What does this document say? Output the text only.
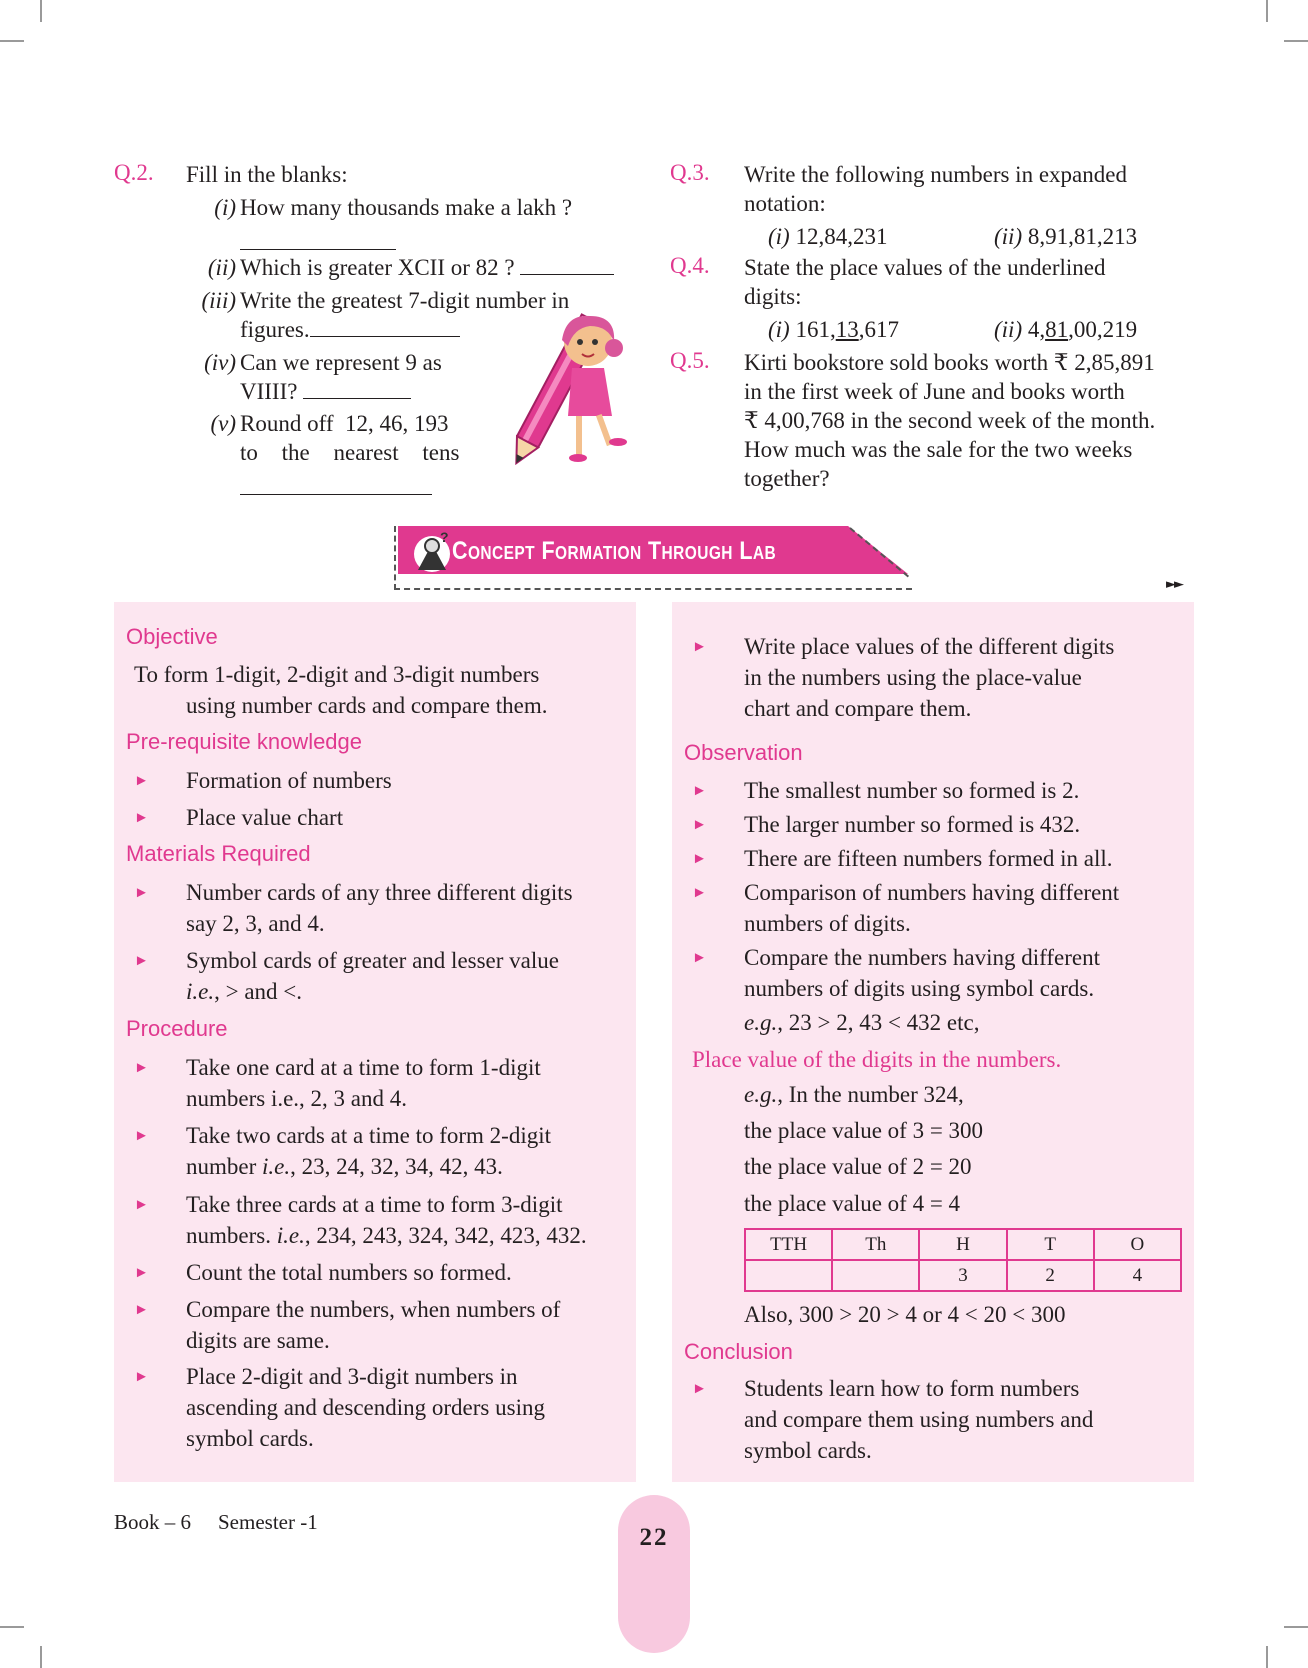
Q.2. Fill in the blanks:
(i) How many thousands make a lakh ?
(ii) Which is greater XCII or 82 ?
(iii) Write the greatest 7-digit number in
figures.
(iv) Can we represent 9 as
VIIII?
(v) Round off  12, 46, 193
to the nearest tens
Q.3. Write the following numbers in expanded
notation:
(i) 12,84,231	(ii) 8,91,81,213
Q.4. State the place values of the underlined
digits:
(i) 161,13,617	(ii) 4,81,00,219
Q.5. Kirti bookstore sold books worth ₹ 2,85,891
in the first week of June and books worth
₹ 4,00,768 in the second week of the month.
How much was the sale for the two weeks
together?
? Concept Formation Through Lab
►►
Objective
To form 1-digit, 2-digit and 3-digit numbers
using number cards and compare them.
Pre-requisite knowledge
► Formation of numbers
► Place value chart
Materials Required
► Number cards of any three different digits
say 2, 3, and 4.
► Symbol cards of greater and lesser value
i.e., > and <.
Procedure
► Take one card at a time to form 1-digit
numbers i.e., 2, 3 and 4.
► Take two cards at a time to form 2-digit
number i.e., 23, 24, 32, 34, 42, 43.
► Take three cards at a time to form 3-digit
numbers. i.e., 234, 243, 324, 342, 423, 432.
► Count the total numbers so formed.
► Compare the numbers, when numbers of
digits are same.
► Place 2-digit and 3-digit numbers in
ascending and descending orders using
symbol cards.
► Write place values of the different digits
in the numbers using the place-value
chart and compare them.
Observation
► The smallest number so formed is 2.
► The larger number so formed is 432.
► There are fifteen numbers formed in all.
► Comparison of numbers having different
numbers of digits.
► Compare the numbers having different
numbers of digits using symbol cards.
e.g., 23 > 2, 43 < 432 etc,
Place value of the digits in the numbers.
e.g., In the number 324,
the place value of 3 = 300
the place value of 2 = 20
the place value of 4 = 4
TTH	Th	H	T	O
		3	2	4
Also, 300 > 20 > 4 or 4 < 20 < 300
Conclusion
► Students learn how to form numbers
and compare them using numbers and
symbol cards.
Book – 6 Semester -1
22
